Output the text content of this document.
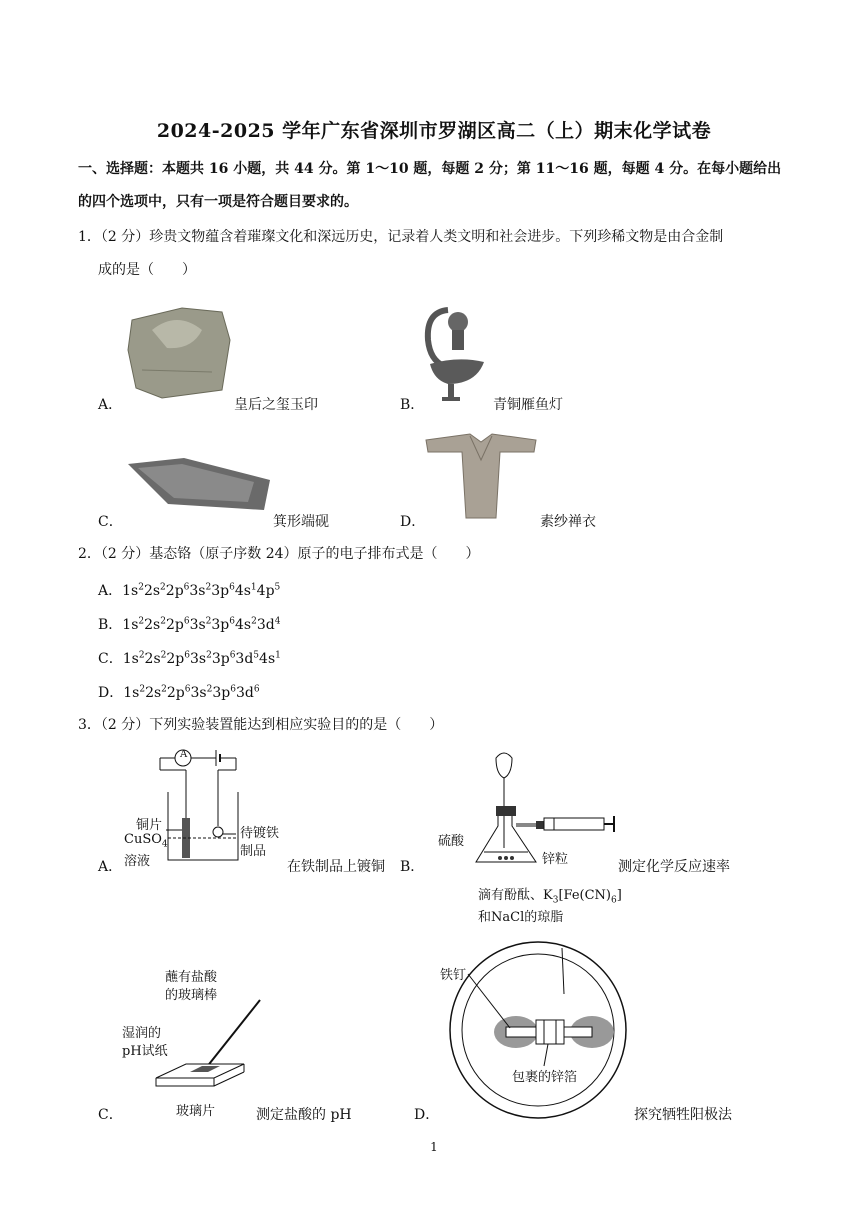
2024-2025 学年广东省深圳市罗湖区高二（上）期末化学试卷
一、选择题：本题共 16 小题，共 44 分。第 1～10 题，每题 2 分；第 11～16 题，每题 4 分。在每小题给出
的四个选项中，只有一项是符合题目要求的。
1．（2 分）珍贵文物蕴含着璀璨文化和深远历史，记录着人类文明和社会进步。下列珍稀文物是由合金制
成的是（　　）
A．	皇后之玺玉印	B．	青铜雁鱼灯
C．	箕形端砚	D．	素纱禅衣
2．（2 分）基态铬（原子序数 24）原子的电子排布式是（　　）
A．$1s^22s^22p^63s^23p^64s^14p^5$
B．$1s^22s^22p^63s^23p^64s^23d^4$
C．$1s^22s^22p^63s^23p^63d^54s^1$
D．$1s^22s^22p^63s^23p^63d^6$
3．（2 分）下列实验装置能达到相应实验目的的是（　　）
A．
铜片
CuSO$_4$
溶液
待镀铁
制品
A
在铁制品上镀铜 B．
硫酸
锌粒	测定化学反应速率
C．
蘸有盐酸
的玻璃棒
湿润的
pH试纸
玻璃片	测定盐酸的 pH	D．
滴有酚酞、$K_3[Fe(CN)_6]$
和NaCl的琼脂
铁钉
包裹的锌箔
探究牺牲阳极法
1
